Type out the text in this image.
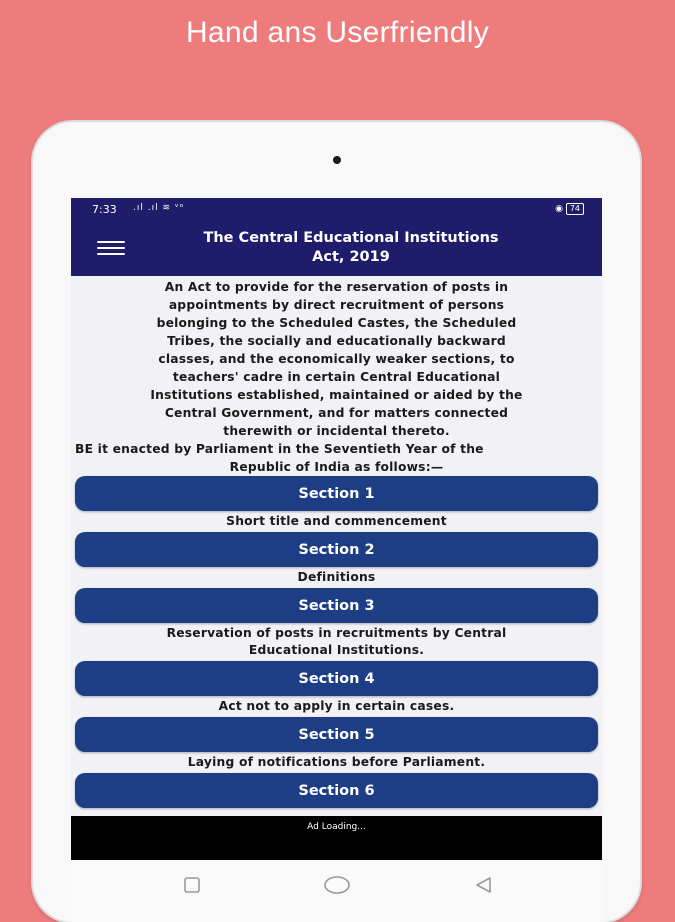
Hand ans Userfriendly
7:33 .ıl .ıl ≋ ᵛᵒ	◉ 74
The Central Educational Institutions
Act, 2019
An Act to provide for the reservation of posts in
appointments by direct recruitment of persons
belonging to the Scheduled Castes, the Scheduled
Tribes, the socially and educationally backward
classes, and the economically weaker sections, to
teachers' cadre in certain Central Educational
Institutions established, maintained or aided by the
Central Government, and for matters connected
therewith or incidental thereto.
BE it enacted by Parliament in the Seventieth Year of the
Republic of India as follows:—
Section 1
Short title and commencement
Section 2
Definitions
Section 3
Reservation of posts in recruitments by Central
Educational Institutions.
Section 4
Act not to apply in certain cases.
Section 5
Laying of notifications before Parliament.
Section 6
Ad Loading...
